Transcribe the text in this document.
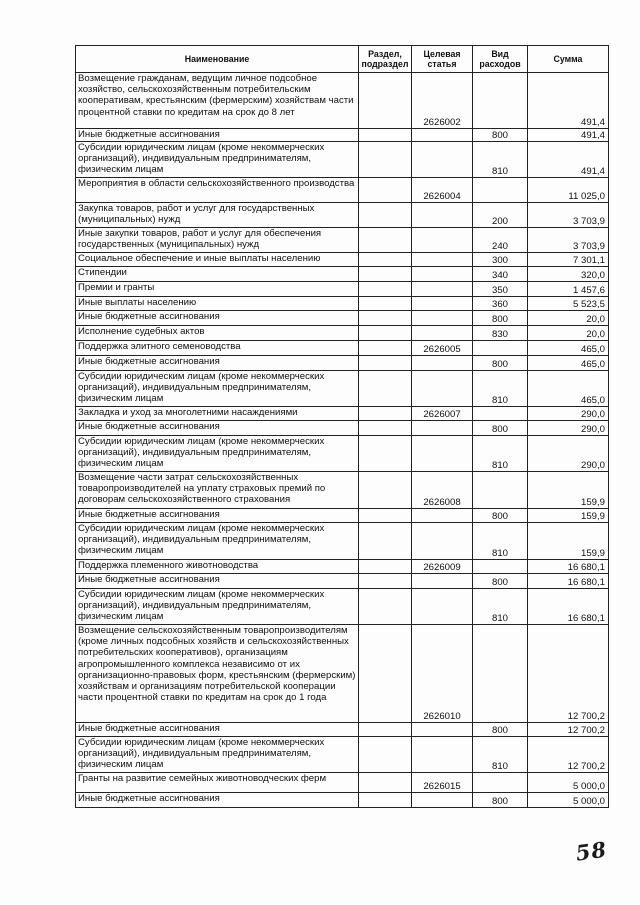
Наименование	Раздел, подраздел	Целевая статья	Вид расходов	Сумма
Возмещение гражданам, ведущим личное подсобное хозяйство, сельскохозяйственным потребительским кооперативам, крестьянским (фермерским) хозяйствам части процентной ставки по кредитам на срок до 8 лет		2626002		491,4
Иные бюджетные ассигнования			800	491,4
Субсидии юридическим лицам (кроме некоммерческих организаций), индивидуальным предпринимателям, физическим лицам			810	491,4
Мероприятия в области сельскохозяйственного производства		2626004		11 025,0
Закупка товаров, работ и услуг для государственных (муниципальных) нужд			200	3 703,9
Иные закупки товаров, работ и услуг для обеспечения государственных (муниципальных) нужд			240	3 703,9
Социальное обеспечение и иные выплаты населению			300	7 301,1
Стипендии			340	320,0
Премии и гранты			350	1 457,6
Иные выплаты населению			360	5 523,5
Иные бюджетные ассигнования			800	20,0
Исполнение судебных актов			830	20,0
Поддержка элитного семеноводства		2626005		465,0
Иные бюджетные ассигнования			800	465,0
Субсидии юридическим лицам (кроме некоммерческих организаций), индивидуальным предпринимателям, физическим лицам			810	465,0
Закладка и уход за многолетними насаждениями		2626007		290,0
Иные бюджетные ассигнования			800	290,0
Субсидии юридическим лицам (кроме некоммерческих организаций), индивидуальным предпринимателям, физическим лицам			810	290,0
Возмещение части затрат сельскохозяйственных товаропроизводителей на уплату страховых премий по договорам сельскохозяйственного страхования		2626008		159,9
Иные бюджетные ассигнования			800	159,9
Субсидии юридическим лицам (кроме некоммерческих организаций), индивидуальным предпринимателям, физическим лицам			810	159,9
Поддержка племенного животноводства		2626009		16 680,1
Иные бюджетные ассигнования			800	16 680,1
Субсидии юридическим лицам (кроме некоммерческих организаций), индивидуальным предпринимателям, физическим лицам			810	16 680,1
Возмещение сельскохозяйственным товаропроизводителям (кроме личных подсобных хозяйств и сельскохозяйственных потребительских кооперативов), организациям агропромышленного комплекса независимо от их организационно-правовых форм, крестьянским (фермерским) хозяйствам и организациям потребительской кооперации части процентной ставки по кредитам на срок до 1 года		2626010		12 700,2
Иные бюджетные ассигнования			800	12 700,2
Субсидии юридическим лицам (кроме некоммерческих организаций), индивидуальным предпринимателям, физическим лицам			810	12 700,2
Гранты на развитие семейных животноводческих ферм		2626015		5 000,0
Иные бюджетные ассигнования			800	5 000,0
58
